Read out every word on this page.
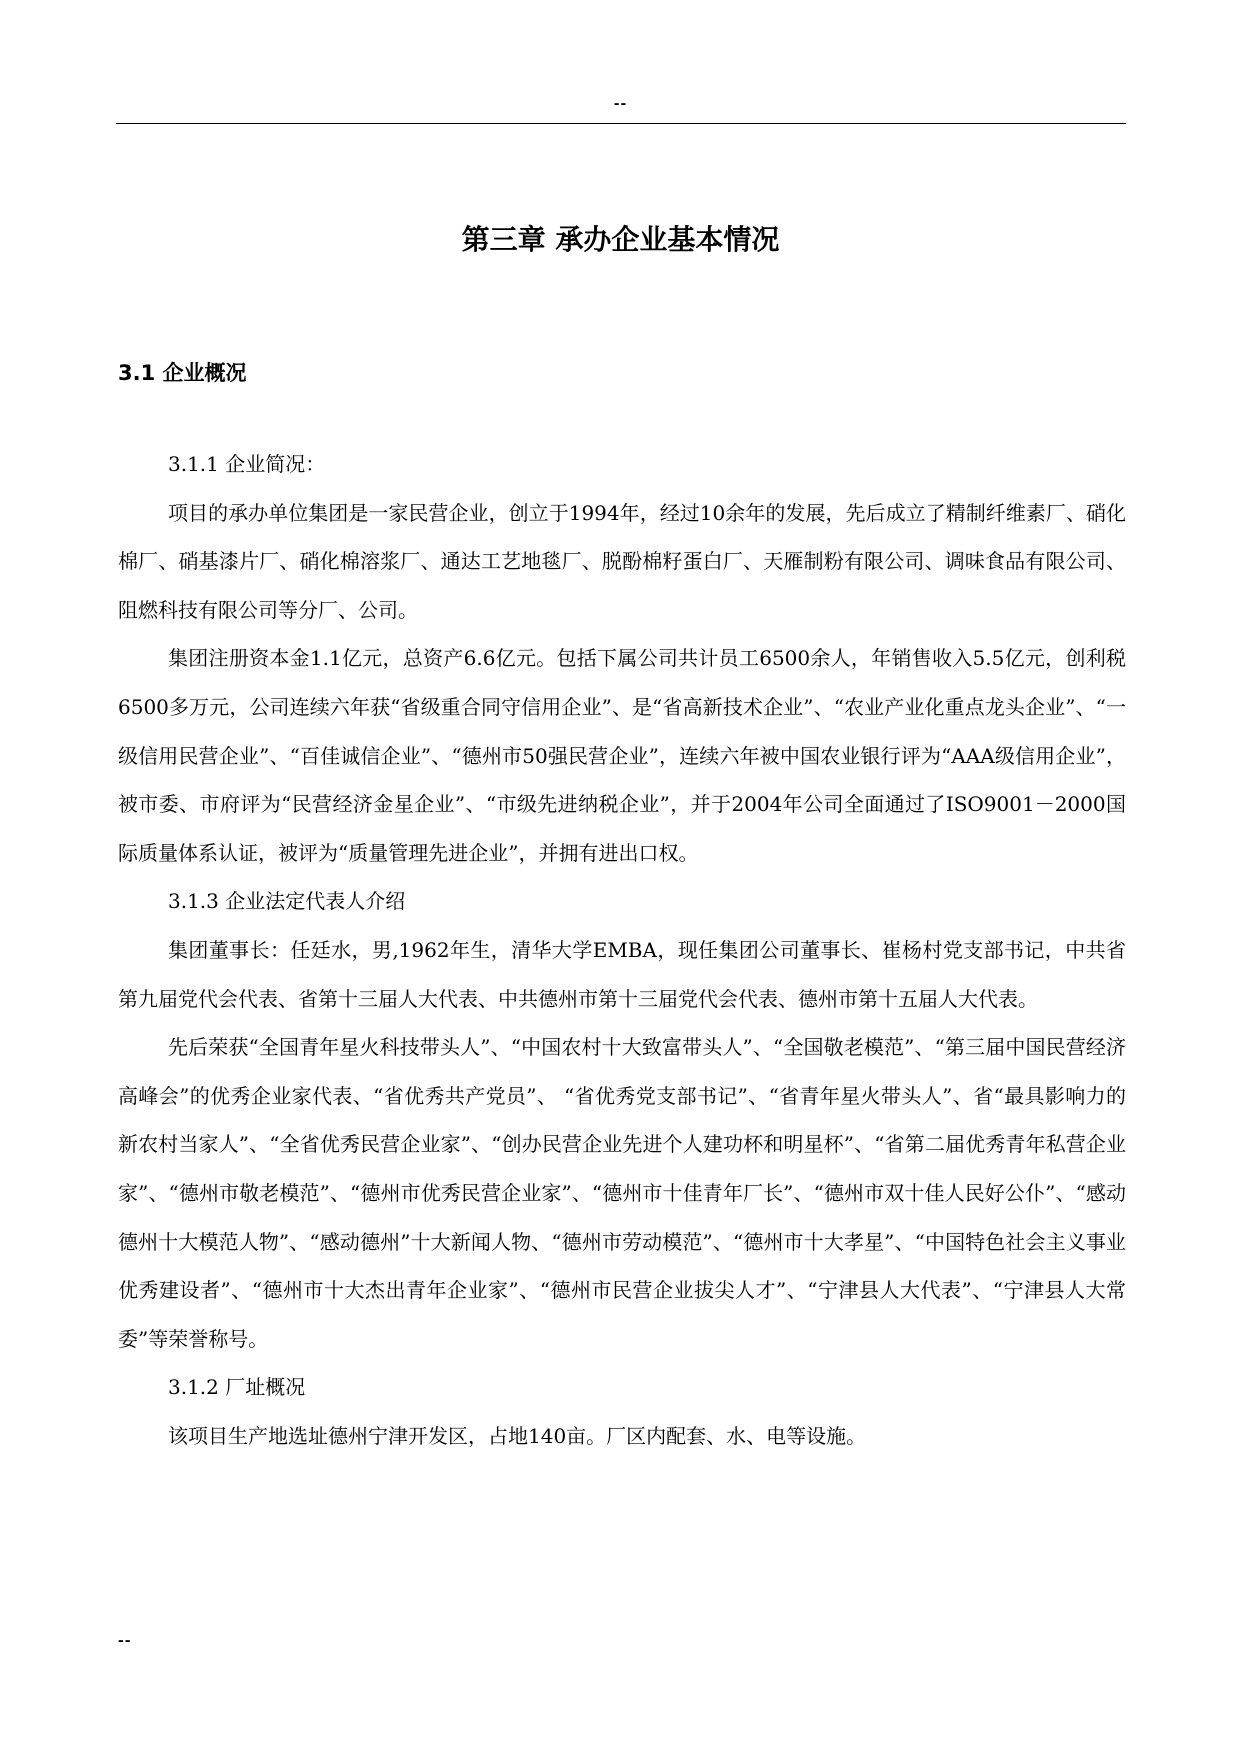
--
第三章 承办企业基本情况
3.1 企业概况

3.1.1 企业简况：

项目的承办单位集团是一家民营企业，创立于1994年，经过10余年的发展，先后成立了精制纤维素厂、硝化棉厂、硝基漆片厂、硝化棉溶浆厂、通达工艺地毯厂、脱酚棉籽蛋白厂、天雁制粉有限公司、调味食品有限公司、阻燃科技有限公司等分厂、公司。

集团注册资本金1.1亿元，总资产6.6亿元。包括下属公司共计员工6500余人，年销售收入5.5亿元，创利税6500多万元，公司连续六年获“省级重合同守信用企业”、是“省高新技术企业”、“农业产业化重点龙头企业”、“一级信用民营企业”、“百佳诚信企业”、“德州市50强民营企业”，连续六年被中国农业银行评为“AAA级信用企业”，被市委、市府评为“民营经济金星企业”、“市级先进纳税企业”，并于2004年公司全面通过了ISO9001－2000国际质量体系认证，被评为“质量管理先进企业”，并拥有进出口权。

3.1.3 企业法定代表人介绍

集团董事长：任廷水，男,1962年生，清华大学EMBA，现任集团公司董事长、崔杨村党支部书记，中共省第九届党代会代表、省第十三届人大代表、中共德州市第十三届党代会代表、德州市第十五届人大代表。

先后荣获“全国青年星火科技带头人”、“中国农村十大致富带头人”、“全国敬老模范”、“第三届中国民营经济高峰会”的优秀企业家代表、“省优秀共产党员”、 “省优秀党支部书记”、“省青年星火带头人”、省“最具影响力的新农村当家人”、“全省优秀民营企业家”、“创办民营企业先进个人建功杯和明星杯”、“省第二届优秀青年私营企业家”、“德州市敬老模范”、“德州市优秀民营企业家”、“德州市十佳青年厂长”、“德州市双十佳人民好公仆”、“感动德州十大模范人物”、“感动德州”十大新闻人物、“德州市劳动模范”、“德州市十大孝星”、“中国特色社会主义事业优秀建设者”、“德州市十大杰出青年企业家”、“德州市民营企业拔尖人才”、“宁津县人大代表”、“宁津县人大常委”等荣誉称号。

3.1.2 厂址概况

该项目生产地选址德州宁津开发区，占地140亩。厂区内配套、水、电等设施。

--
